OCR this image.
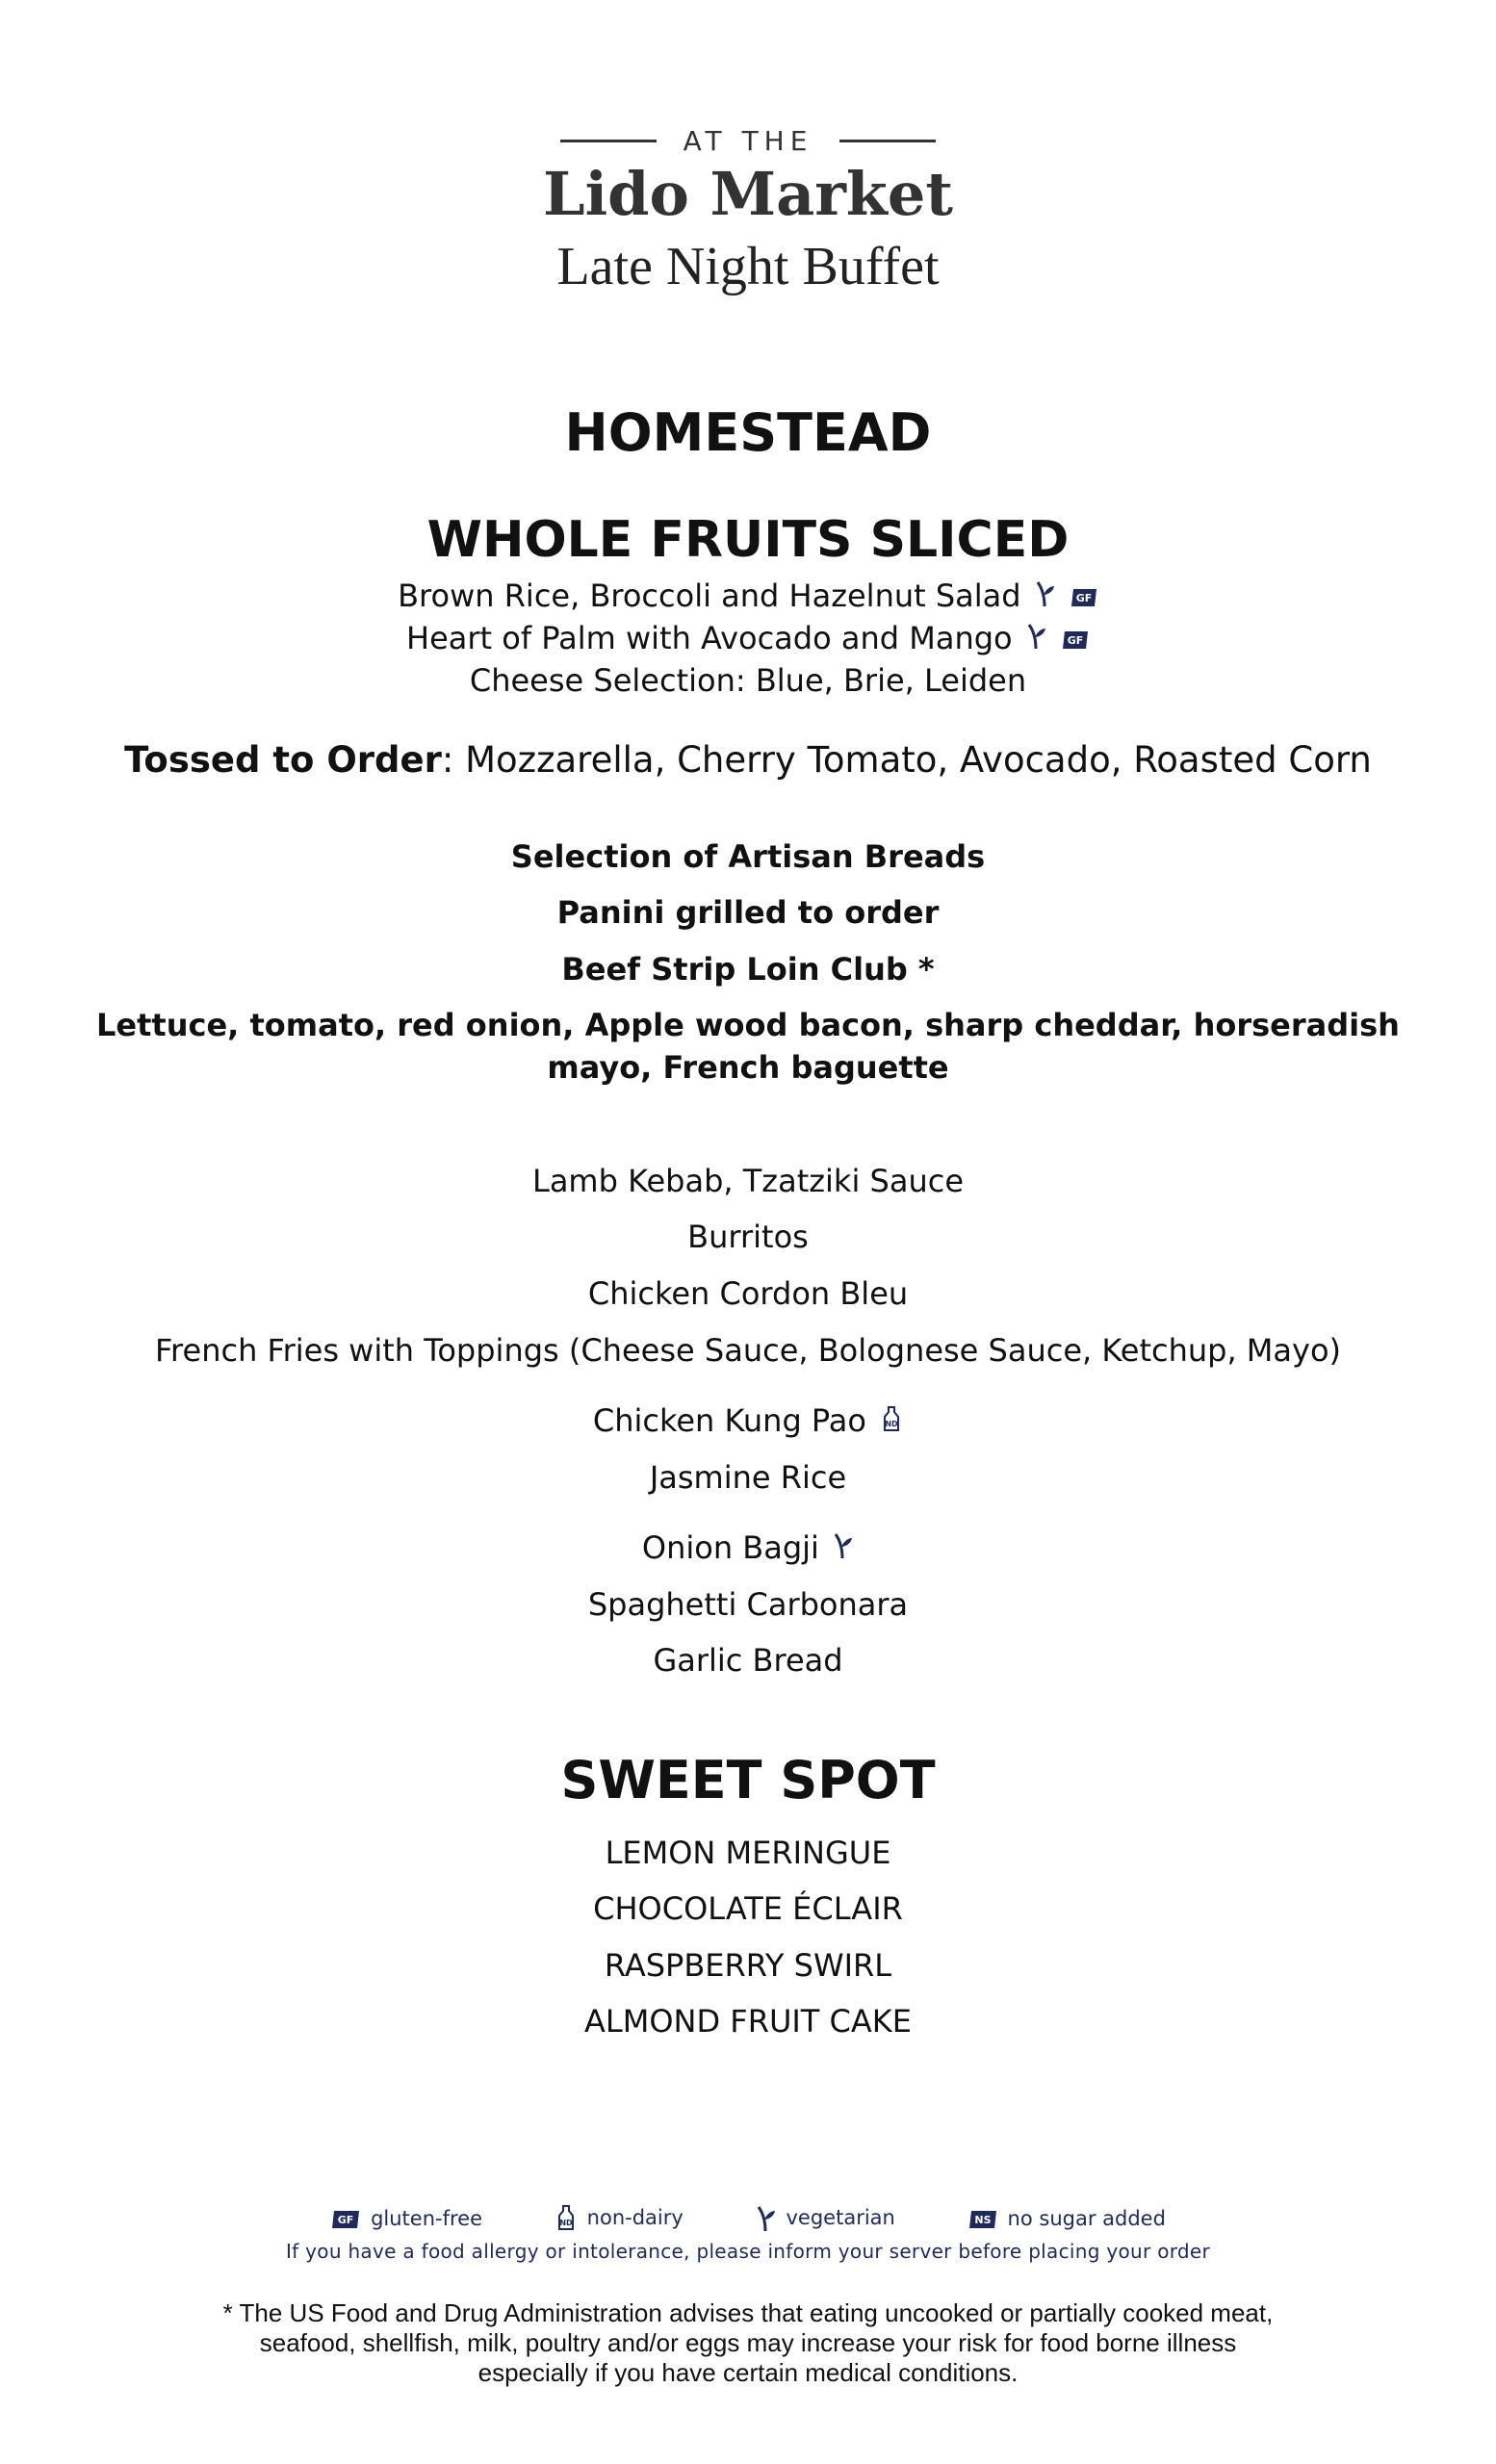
AT THE
Lido Market
Late Night Buffet
HOMESTEAD
WHOLE FRUITS SLICED
Brown Rice, Broccoli and Hazelnut Salad	GF
Heart of Palm with Avocado and Mango	GF
Cheese Selection: Blue, Brie, Leiden
Tossed to Order: Mozzarella, Cherry Tomato, Avocado, Roasted Corn
Selection of Artisan Breads
Panini grilled to order
Beef Strip Loin Club *
Lettuce, tomato, red onion, Apple wood bacon, sharp cheddar, horseradish
mayo, French baguette
Lamb Kebab, Tzatziki Sauce
Burritos
Chicken Cordon Bleu
French Fries with Toppings (Cheese Sauce, Bolognese Sauce, Ketchup, Mayo)
Chicken Kung Pao ND
Jasmine Rice
Onion Bagji
Spaghetti Carbonara
Garlic Bread
SWEET SPOT
LEMON MERINGUE
CHOCOLATE ÉCLAIR
RASPBERRY SWIRL
ALMOND FRUIT CAKE
GF gluten-free	ND non-dairy	vegetarian	NS no sugar added
If you have a food allergy or intolerance, please inform your server before placing your order
* The US Food and Drug Administration advises that eating uncooked or partially cooked meat,
seafood, shellfish, milk, poultry and/or eggs may increase your risk for food borne illness
especially if you have certain medical conditions.
